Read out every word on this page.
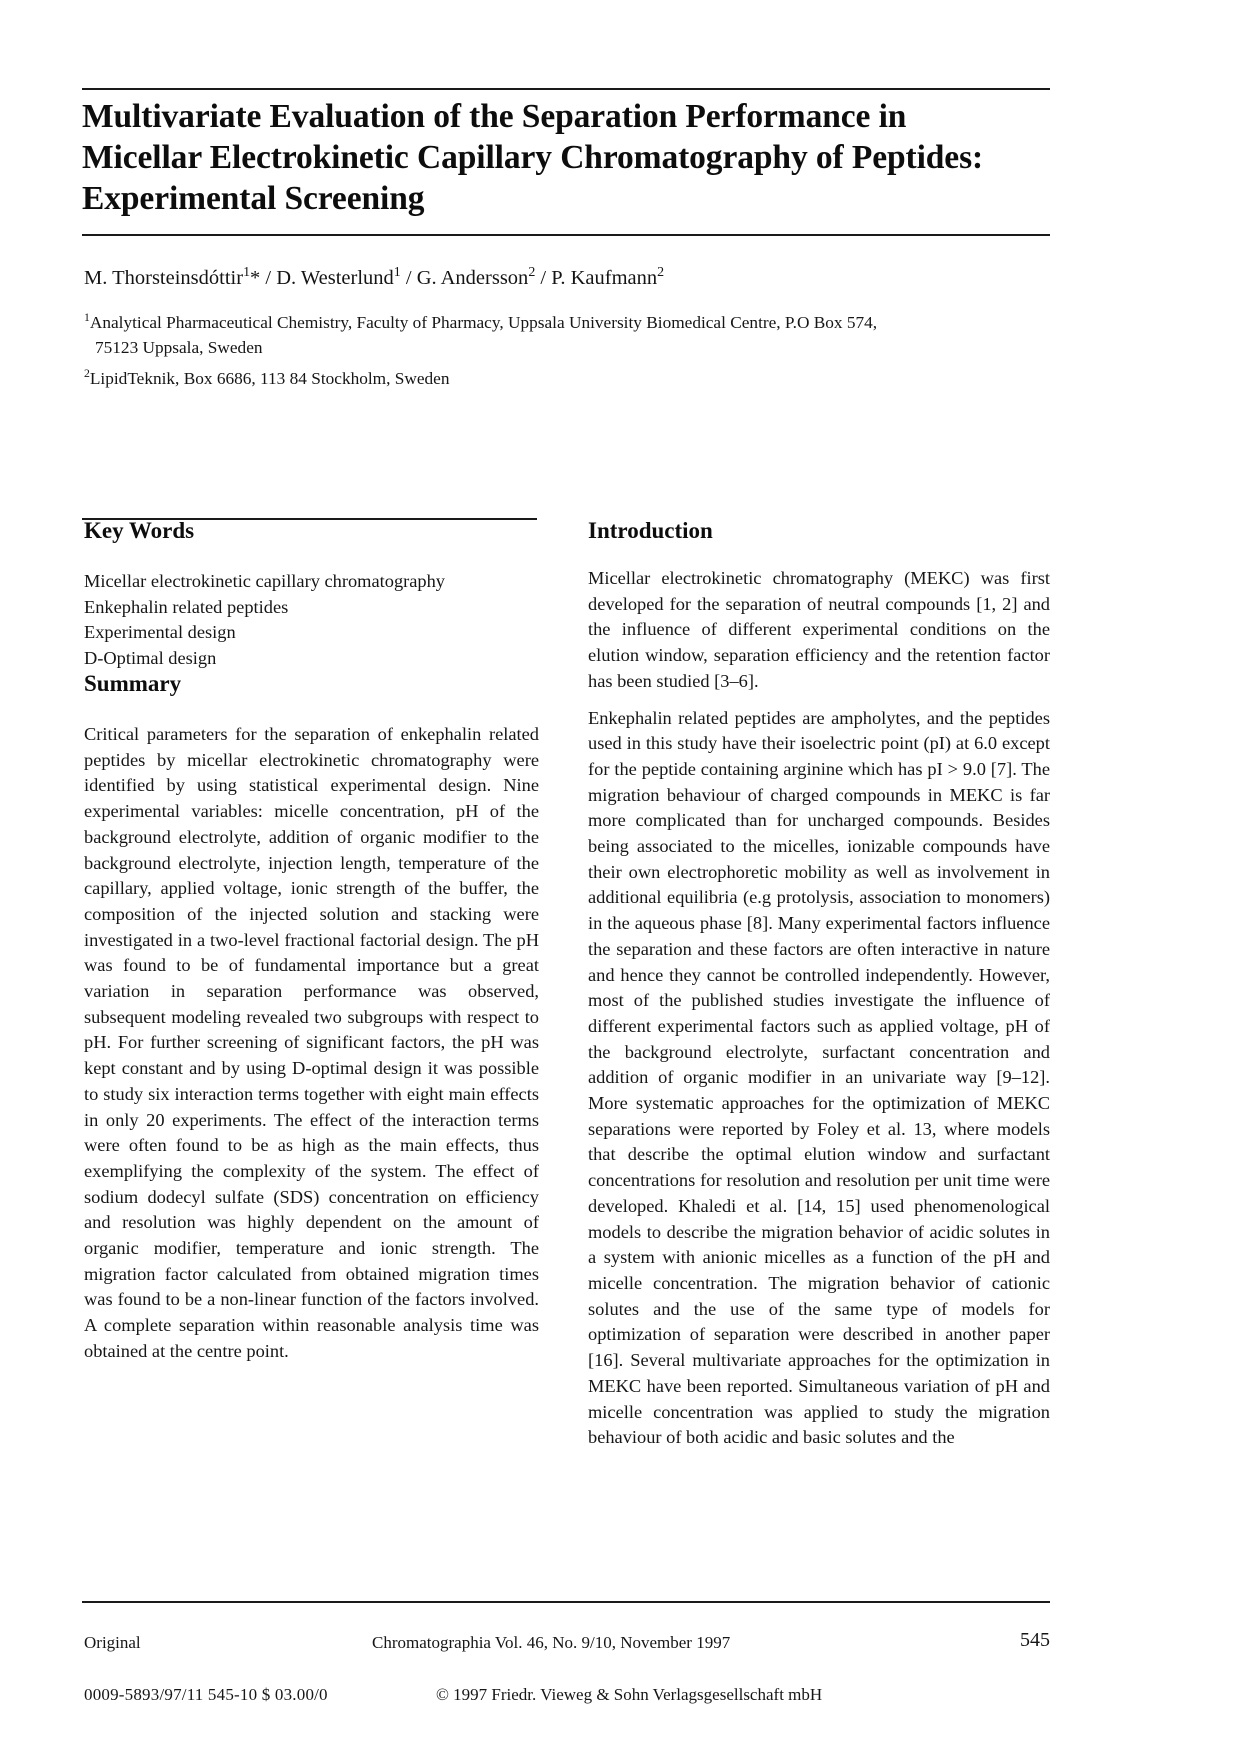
Multivariate Evaluation of the Separation Performance in
Micellar Electrokinetic Capillary Chromatography of Peptides:
Experimental Screening
M. Thorsteinsdóttir$^1$* / D. Westerlund$^1$ / G. Andersson$^2$ / P. Kaufmann$^2$
$^1$Analytical Pharmaceutical Chemistry, Faculty of Pharmacy, Uppsala University Biomedical Centre, P.O Box 574,
75123 Uppsala, Sweden
$^2$LipidTeknik, Box 6686, 113 84 Stockholm, Sweden
Key Words
Micellar electrokinetic capillary chromatography
Enkephalin related peptides
Experimental design
D-Optimal design
Summary
Critical parameters for the separation of enkephalin related peptides by micellar electrokinetic chromatography were identified by using statistical experimental design. Nine experimental variables: micelle concentration, pH of the background electrolyte, addition of organic modifier to the background electrolyte, injection length, temperature of the capillary, applied voltage, ionic strength of the buffer, the composition of the injected solution and stacking were investigated in a two-level fractional factorial design. The pH was found to be of fundamental importance but a great variation in separation performance was observed, subsequent modeling revealed two subgroups with respect to pH. For further screening of significant factors, the pH was kept constant and by using D-optimal design it was possible to study six interaction terms together with eight main effects in only 20 experiments. The effect of the interaction terms were often found to be as high as the main effects, thus exemplifying the complexity of the system. The effect of sodium dodecyl sulfate (SDS) concentration on efficiency and resolution was highly dependent on the amount of organic modifier, temperature and ionic strength. The migration factor calculated from obtained migration times was found to be a non-linear function of the factors involved. A complete separation within reasonable analysis time was obtained at the centre point.
Introduction

Micellar electrokinetic chromatography (MEKC) was first developed for the separation of neutral compounds [1, 2] and the influence of different experimental conditions on the elution window, separation efficiency and the retention factor has been studied [3–6].

Enkephalin related peptides are ampholytes, and the peptides used in this study have their isoelectric point (pI) at 6.0 except for the peptide containing arginine which has pI > 9.0 [7]. The migration behaviour of charged compounds in MEKC is far more complicated than for uncharged compounds. Besides being associated to the micelles, ionizable compounds have their own electrophoretic mobility as well as involvement in additional equilibria (e.g protolysis, association to monomers) in the aqueous phase [8]. Many experimental factors influence the separation and these factors are often interactive in nature and hence they cannot be controlled independently. However, most of the published studies investigate the influence of different experimental factors such as applied voltage, pH of the background electrolyte, surfactant concentration and addition of organic modifier in an univariate way [9–12]. More systematic approaches for the optimization of MEKC separations were reported by Foley et al. 13, where models that describe the optimal elution window and surfactant concentrations for resolution and resolution per unit time were developed. Khaledi et al. [14, 15] used phenomenological models to describe the migration behavior of acidic solutes in a system with anionic micelles as a function of the pH and micelle concentration. The migration behavior of cationic solutes and the use of the same type of models for optimization of separation were described in another paper [16]. Several multivariate approaches for the optimization in MEKC have been reported. Simultaneous variation of pH and micelle concentration was applied to study the migration behaviour of both acidic and basic solutes and the

Original	Chromatographia Vol. 46, No. 9/10, November 1997	545
0009-5893/97/11 545-10 $ 03.00/0	© 1997 Friedr. Vieweg & Sohn Verlagsgesellschaft mbH
